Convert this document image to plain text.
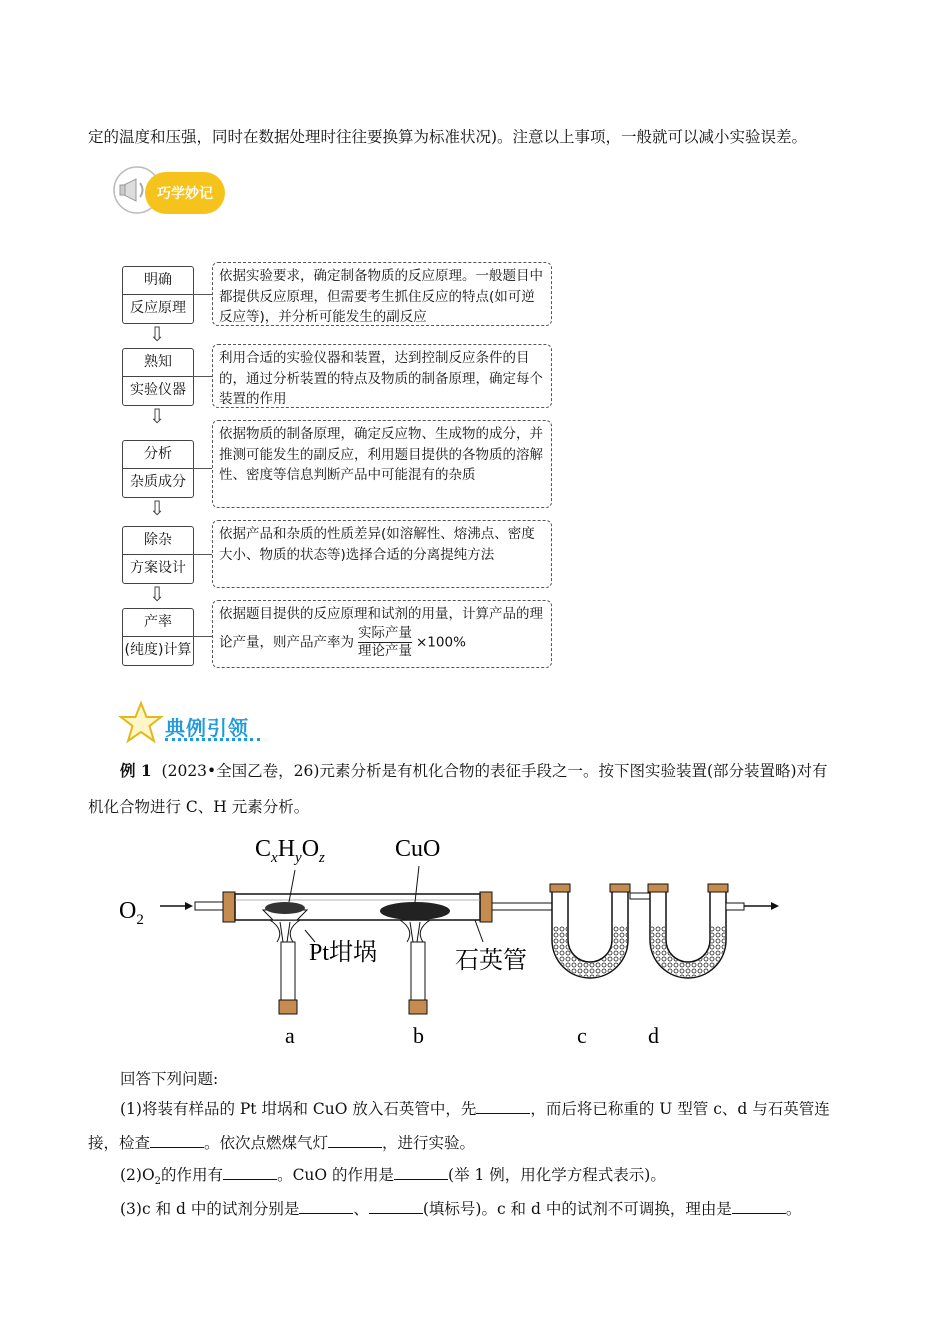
定的温度和压强，同时在数据处理时往往要换算为标准状况)。注意以上事项，一般就可以减小实验误差。
巧学妙记
明确
反应原理
依据实验要求，确定制备物质的反应原理。一般题目中都提供反应原理，但需要考生抓住反应的特点(如可逆反应等)，并分析可能发生的副反应
⇩
熟知
实验仪器
利用合适的实验仪器和装置，达到控制反应条件的目的，通过分析装置的特点及物质的制备原理，确定每个装置的作用
⇩
分析
杂质成分
依据物质的制备原理，确定反应物、生成物的成分，并推测可能发生的副反应，利用题目提供的各物质的溶解性、密度等信息判断产品中可能混有的杂质
⇩
除杂
方案设计
依据产品和杂质的性质差异(如溶解性、熔沸点、密度大小、物质的状态等)选择合适的分离提纯方法
⇩
产率
(纯度)计算
依据题目提供的反应原理和试剂的用量，计算产品的理论产量，则产品产率为 $\frac{\text{实际产量}}{\text{理论产量}} \times 100\%$
典例引领
例 1 (2023•全国乙卷，26)元素分析是有机化合物的表征手段之一。按下图实验装置(部分装置略)对有
机化合物进行 C、H 元素分析。
$O_2$
$C_xH_yO_z$	CuO
Pt坩埚	石英管
a	b	c	d
回答下列问题:
(1)将装有样品的 Pt 坩埚和 CuO 放入石英管中，先	，而后将已称重的 U 型管 c、d 与石英管连
接，检查	。依次点燃煤气灯	，进行实验。
$(2)O_2$的作用有	。CuO 的作用是	(举 1 例，用化学方程式表示)。
(3)c 和 d 中的试剂分别是	、	(填标号)。c 和 d 中的试剂不可调换，理由是	。
